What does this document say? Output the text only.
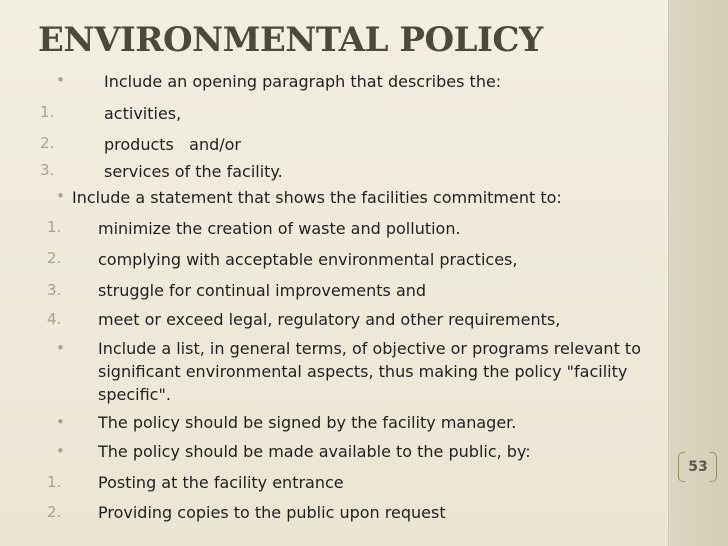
ENVIRONMENTAL POLICY
• Include an opening paragraph that describes the:
1.	activities,
2.	products   and/or
3.	services of the facility.
• Include a statement that shows the facilities commitment to:
1. minimize the creation of waste and pollution.
2. complying with acceptable environmental practices,
3. struggle for continual improvements and
4. meet or exceed legal, regulatory and other requirements,
• Include a list, in general terms, of objective or programs relevant to
significant environmental aspects, thus making the policy "facility
specific".
• The policy should be signed by the facility manager.
• The policy should be made available to the public, by:
1. Posting at the facility entrance
2. Providing copies to the public upon request
53
